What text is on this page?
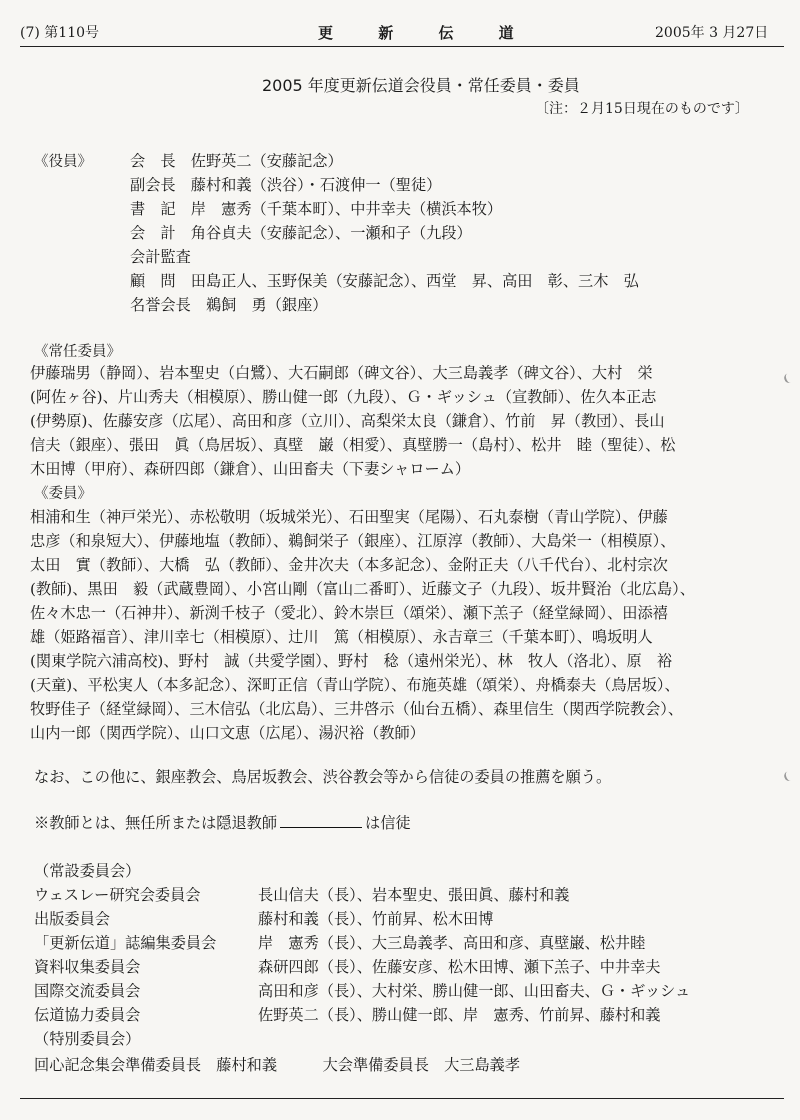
(7) 第110号	更 新 伝 道	2005年 3 月27日
2005 年度更新伝道会役員・常任委員・委員
〔注：２月15日現在のものです〕
《役員》	会　長　佐野英二（安藤記念）
副会長　藤村和義（渋谷）・石渡伸一（聖徒）
書　記　岸　憲秀（千葉本町）、中井幸夫（横浜本牧）
会　計　角谷貞夫（安藤記念）、一瀬和子（九段）
会計監査
顧　問　田島正人、玉野保美（安藤記念）、西堂　昇、高田　彰、三木　弘
名誉会長　鵜飼　勇（銀座）
《常任委員》
伊藤瑞男（静岡）、岩本聖史（白鷺）、大石嗣郎（碑文谷）、大三島義孝（碑文谷）、大村　栄
(阿佐ヶ谷)、片山秀夫（相模原）、勝山健一郎（九段）、Ｇ・ギッシュ（宣教師）、佐久本正志
(伊勢原)、佐藤安彦（広尾）、高田和彦（立川）、高梨栄太良（鎌倉）、竹前　昇（教団）、長山
信夫（銀座）、張田　眞（鳥居坂）、真壁　巌（相愛）、真壁勝一（島村）、松井　睦（聖徒）、松
木田博（甲府）、森研四郎（鎌倉）、山田畜夫（下妻シャローム）
《委員》
相浦和生（神戸栄光）、赤松敬明（坂城栄光）、石田聖実（尾陽）、石丸泰樹（青山学院）、伊藤
忠彦（和泉短大）、伊藤地塩（教師）、鵜飼栄子（銀座）、江原淳（教師）、大島栄一（相模原）、
太田　實（教師）、大橋　弘（教師）、金井次夫（本多記念）、金附正夫（八千代台）、北村宗次
(教師)、黒田　毅（武蔵豊岡）、小宮山剛（富山二番町）、近藤文子（九段）、坂井賢治（北広島）、
佐々木忠一（石神井）、新渕千枝子（愛北）、鈴木崇巨（頌栄）、瀬下羔子（経堂緑岡）、田添禧
雄（姫路福音）、津川幸七（相模原）、辻川　篤（相模原）、永吉章三（千葉本町）、鳴坂明人
(関東学院六浦高校)、野村　誠（共愛学園）、野村　稔（遠州栄光）、林　牧人（洛北）、原　裕
(天童)、平松実人（本多記念）、深町正信（青山学院）、布施英雄（頌栄）、舟橋泰夫（鳥居坂）、
牧野佳子（経堂緑岡）、三木信弘（北広島）、三井啓示（仙台五橋）、森里信生（関西学院教会）、
山内一郎（関西学院）、山口文恵（広尾）、湯沢裕（教師）
なお、この他に、銀座教会、鳥居坂教会、渋谷教会等から信徒の委員の推薦を願う。
※教師とは、無任所または隠退教師	は信徒
（常設委員会）
ウェスレー研究会委員会	長山信夫（長）、岩本聖史、張田眞、藤村和義
出版委員会	藤村和義（長）、竹前昇、松木田博
「更新伝道」誌編集委員会	岸　憲秀（長）、大三島義孝、高田和彦、真壁巌、松井睦
資料収集委員会	森研四郎（長）、佐藤安彦、松木田博、瀬下羔子、中井幸夫
国際交流委員会	高田和彦（長）、大村栄、勝山健一郎、山田畜夫、Ｇ・ギッシュ
伝道協力委員会	佐野英二（長）、勝山健一郎、岸　憲秀、竹前昇、藤村和義
（特別委員会）
回心記念集会準備委員長　藤村和義　　　大会準備委員長　大三島義孝
